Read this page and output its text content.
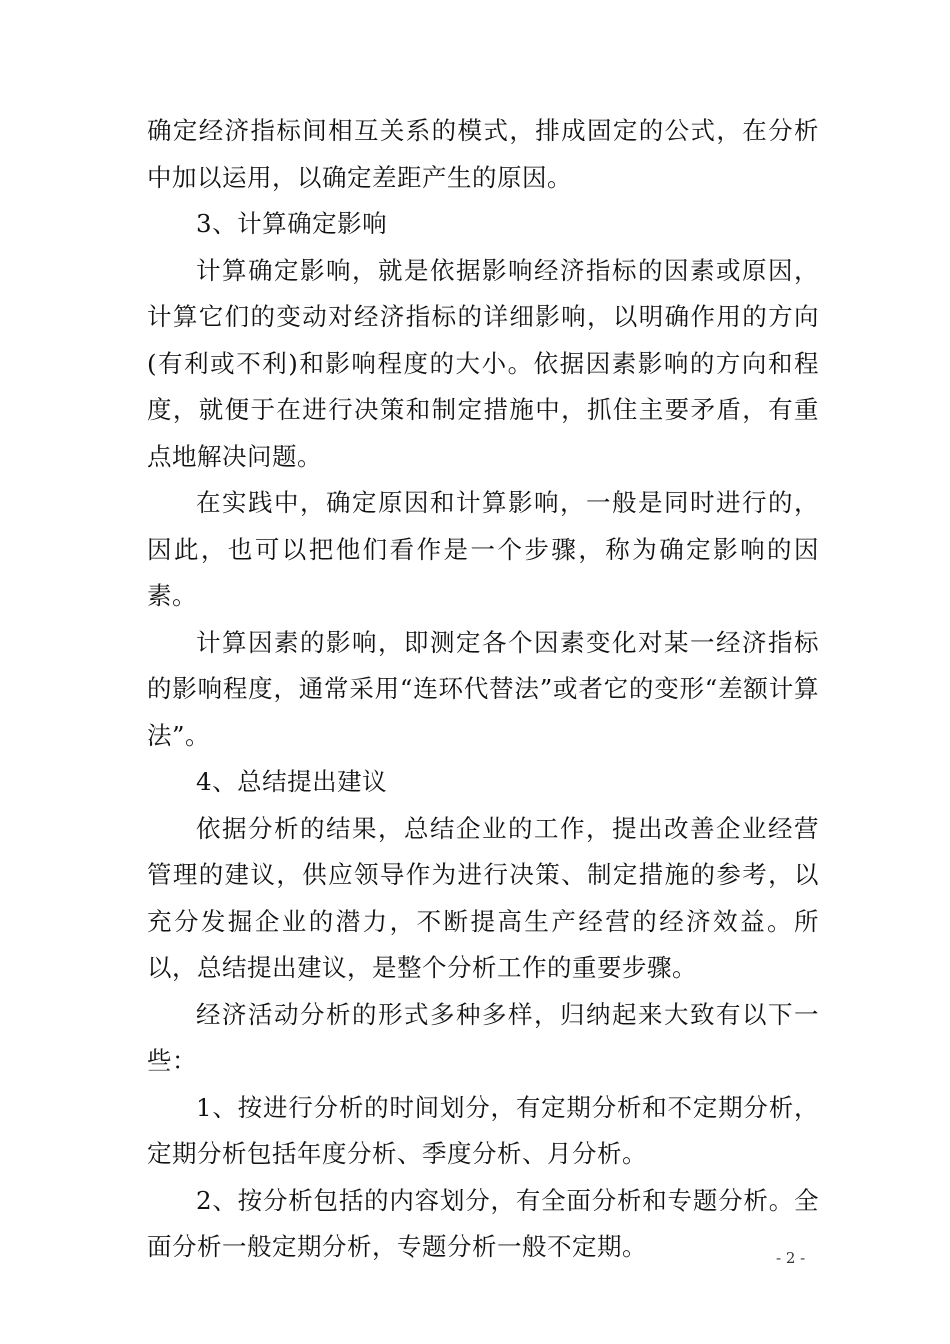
确定经济指标间相互关系的模式，排成固定的公式，在分析中加以运用，以确定差距产生的原因。

3、计算确定影响

计算确定影响，就是依据影响经济指标的因素或原因，计算它们的变动对经济指标的详细影响，以明确作用的方向(有利或不利)和影响程度的大小。依据因素影响的方向和程度，就便于在进行决策和制定措施中，抓住主要矛盾，有重点地解决问题。

在实践中，确定原因和计算影响，一般是同时进行的，因此，也可以把他们看作是一个步骤，称为确定影响的因素。

计算因素的影响，即测定各个因素变化对某一经济指标的影响程度，通常采用“连环代替法”或者它的变形“差额计算法”。

4、总结提出建议

依据分析的结果，总结企业的工作，提出改善企业经营管理的建议，供应领导作为进行决策、制定措施的参考，以充分发掘企业的潜力，不断提高生产经营的经济效益。所以，总结提出建议，是整个分析工作的重要步骤。

经济活动分析的形式多种多样，归纳起来大致有以下一些：

1、按进行分析的时间划分，有定期分析和不定期分析，定期分析包括年度分析、季度分析、月分析。

2、按分析包括的内容划分，有全面分析和专题分析。全面分析一般定期分析，专题分析一般不定期。	- 2 -
